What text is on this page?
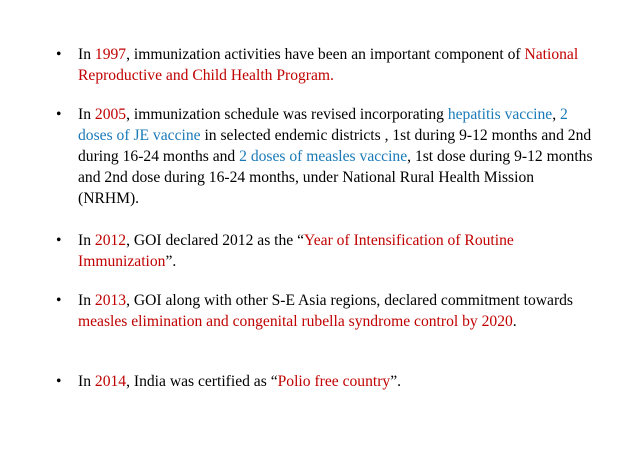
•	In 1997, immunization activities have been an important component of National Reproductive and Child Health Program.
•	In 2005, immunization schedule was revised incorporating hepatitis vaccine, 2 doses of JE vaccine in selected endemic districts , 1st during 9-12 months and 2nd during 16-24 months and 2 doses of measles vaccine, 1st dose during 9-12 months and 2nd dose during 16-24 months, under National Rural Health Mission (NRHM).
•	In 2012, GOI declared 2012 as the “Year of Intensification of Routine Immunization”.
•	In 2013, GOI along with other S-E Asia regions, declared commitment towards measles elimination and congenital rubella syndrome control by 2020.
•	In 2014, India was certified as “Polio free country”.
